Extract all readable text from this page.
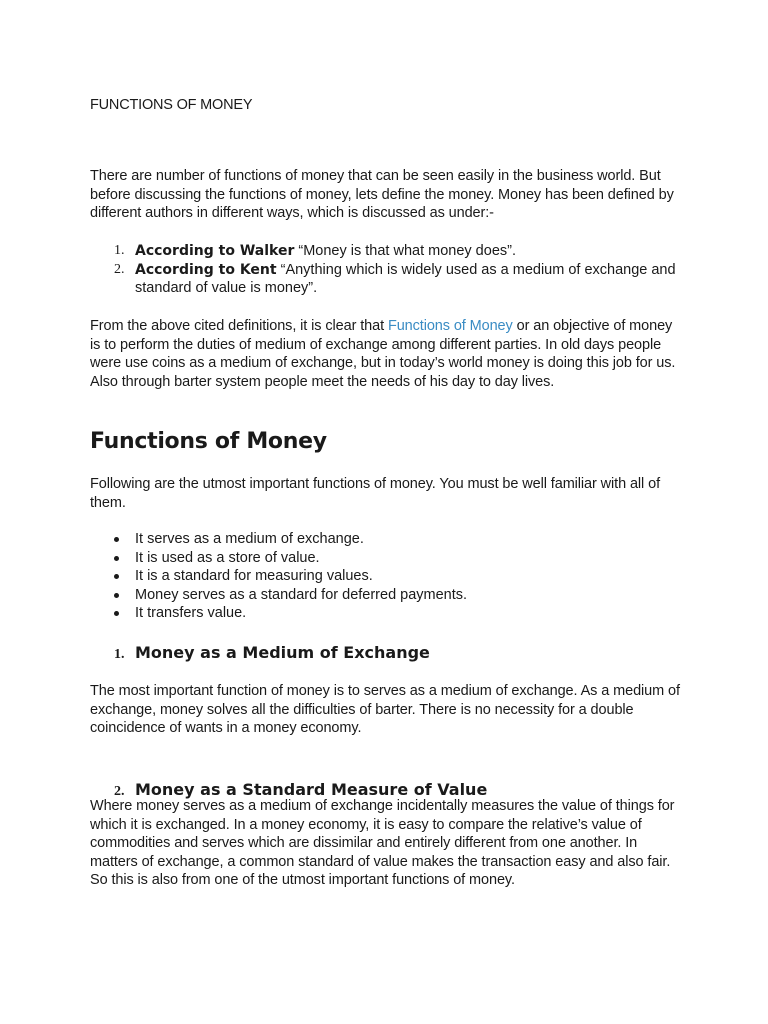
FUNCTIONS OF MONEY

There are number of functions of money that can be seen easily in the business world. But before discussing the functions of money, lets define the money. Money has been defined by different authors in different ways, which is discussed as under:-

1. According to Walker “Money is that what money does”.
2. According to Kent “Anything which is widely used as a medium of exchange and standard of value is money”.

From the above cited definitions, it is clear that Functions of Money or an objective of money is to perform the duties of medium of exchange among different parties. In old days people were use coins as a medium of exchange, but in today’s world money is doing this job for us. Also through barter system people meet the needs of his day to day lives.

Functions of Money

Following are the utmost important functions of money. You must be well familiar with all of them.

It serves as a medium of exchange.
It is used as a store of value.
It is a standard for measuring values.
Money serves as a standard for deferred payments.
It transfers value.
1. Money as a Medium of Exchange

The most important function of money is to serves as a medium of exchange. As a medium of exchange, money solves all the difficulties of barter. There is no necessity for a double coincidence of wants in a money economy.

2. Money as a Standard Measure of Value

Where money serves as a medium of exchange incidentally measures the value of things for which it is exchanged. In a money economy, it is easy to compare the relative’s value of commodities and serves which are dissimilar and entirely different from one another. In matters of exchange, a common standard of value makes the transaction easy and also fair. So this is also from one of the utmost important functions of money.
